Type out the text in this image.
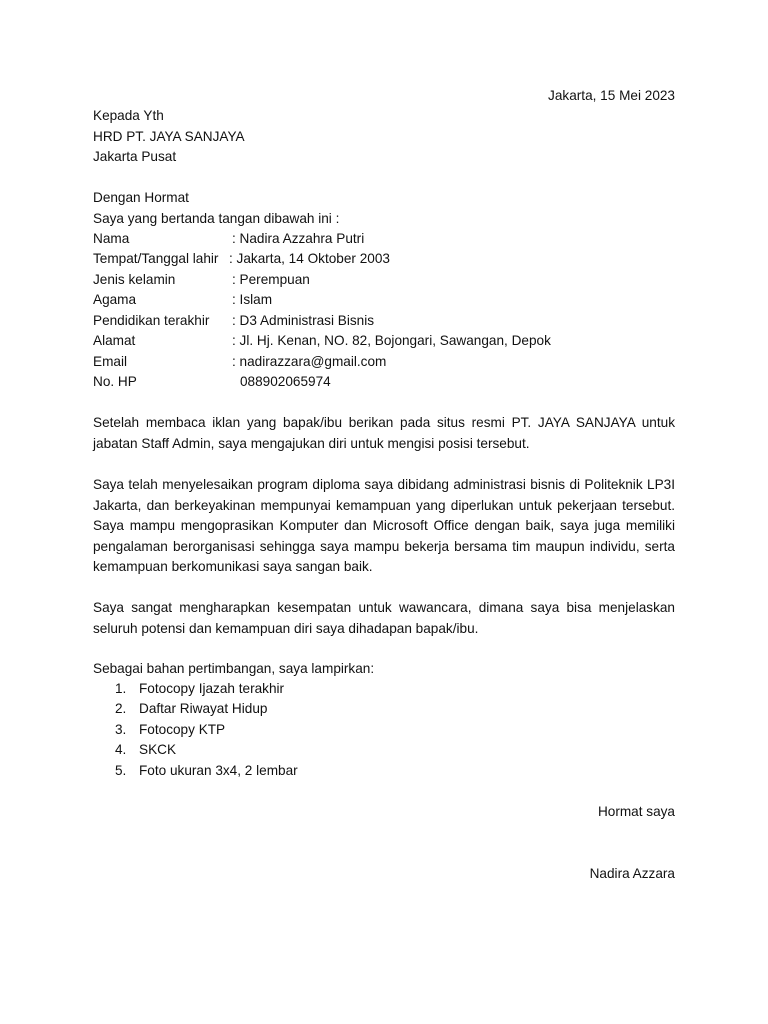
Jakarta, 15 Mei 2023
Kepada Yth
HRD PT. JAYA SANJAYA
Jakarta Pusat
Dengan Hormat
Saya yang bertanda tangan dibawah ini :
Nama	: Nadira Azzahra Putri
Tempat/Tanggal lahir : Jakarta, 14 Oktober 2003
Jenis kelamin	: Perempuan
Agama	: Islam
Pendidikan terakhir : D3 Administrasi Bisnis
Alamat	: Jl. Hj. Kenan, NO. 82, Bojongari, Sawangan, Depok
Email	: nadirazzara@gmail.com
No. HP	088902065974
Setelah membaca iklan yang bapak/ibu berikan pada situs resmi PT. JAYA SANJAYA untuk jabatan Staff Admin, saya mengajukan diri untuk mengisi posisi tersebut.
Saya telah menyelesaikan program diploma saya dibidang administrasi bisnis di Politeknik LP3I Jakarta, dan berkeyakinan mempunyai kemampuan yang diperlukan untuk pekerjaan tersebut. Saya mampu mengoprasikan Komputer dan Microsoft Office dengan baik, saya juga memiliki pengalaman berorganisasi sehingga saya mampu bekerja bersama tim maupun individu, serta kemampuan berkomunikasi saya sangan baik.
Saya sangat mengharapkan kesempatan untuk wawancara, dimana saya bisa menjelaskan seluruh potensi dan kemampuan diri saya dihadapan bapak/ibu.
Sebagai bahan pertimbangan, saya lampirkan:
1. Fotocopy Ijazah terakhir
2. Daftar Riwayat Hidup
3. Fotocopy KTP
4. SKCK
5. Foto ukuran 3x4, 2 lembar
Hormat saya
Nadira Azzara
